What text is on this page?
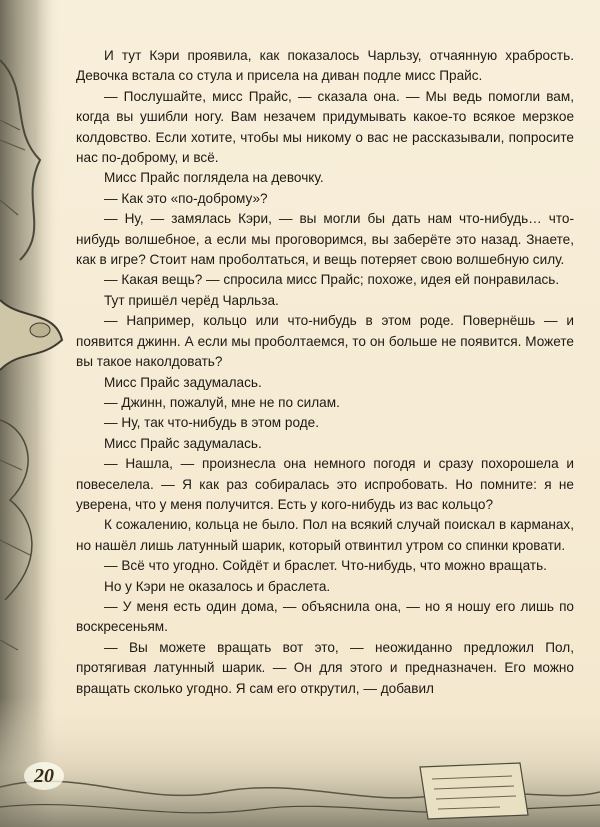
И тут Кэри проявила, как показалось Чарльзу, отчаянную храбрость. Девочка встала со стула и присела на диван подле мисс Прайс.

— Послушайте, мисс Прайс, — сказала она. — Мы ведь помогли вам, когда вы ушибли ногу. Вам незачем придумывать какое-то всякое мерзкое колдовство. Если хотите, чтобы мы никому о вас не рассказывали, попросите нас по-доброму, и всё.

Мисс Прайс поглядела на девочку.

— Как это «по-доброму»?

— Ну, — замялась Кэри, — вы могли бы дать нам что-нибудь… что-нибудь волшебное, а если мы проговоримся, вы заберёте это назад. Знаете, как в игре? Стоит нам проболтаться, и вещь потеряет свою волшебную силу.

— Какая вещь? — спросила мисс Прайс; похоже, идея ей понравилась.

Тут пришёл черёд Чарльза.

— Например, кольцо или что-нибудь в этом роде. Повернёшь — и появится джинн. А если мы проболтаемся, то он больше не появится. Можете вы такое наколдовать?

Мисс Прайс задумалась.

— Джинн, пожалуй, мне не по силам.

— Ну, так что-нибудь в этом роде.

Мисс Прайс задумалась.

— Нашла, — произнесла она немного погодя и сразу похорошела и повеселела. — Я как раз собиралась это испробовать. Но помните: я не уверена, что у меня получится. Есть у кого-нибудь из вас кольцо?

К сожалению, кольца не было. Пол на всякий случай поискал в карманах, но нашёл лишь латунный шарик, который отвинтил утром со спинки кровати.

— Всё что угодно. Сойдёт и браслет. Что-нибудь, что можно вращать.

Но у Кэри не оказалось и браслета.

— У меня есть один дома, — объяснила она, — но я ношу его лишь по воскресеньям.

— Вы можете вращать вот это, — неожиданно предложил Пол, протягивая латунный шарик. — Он для этого и предназначен. Его можно вращать сколько угодно. Я сам его открутил, — добавил

20
